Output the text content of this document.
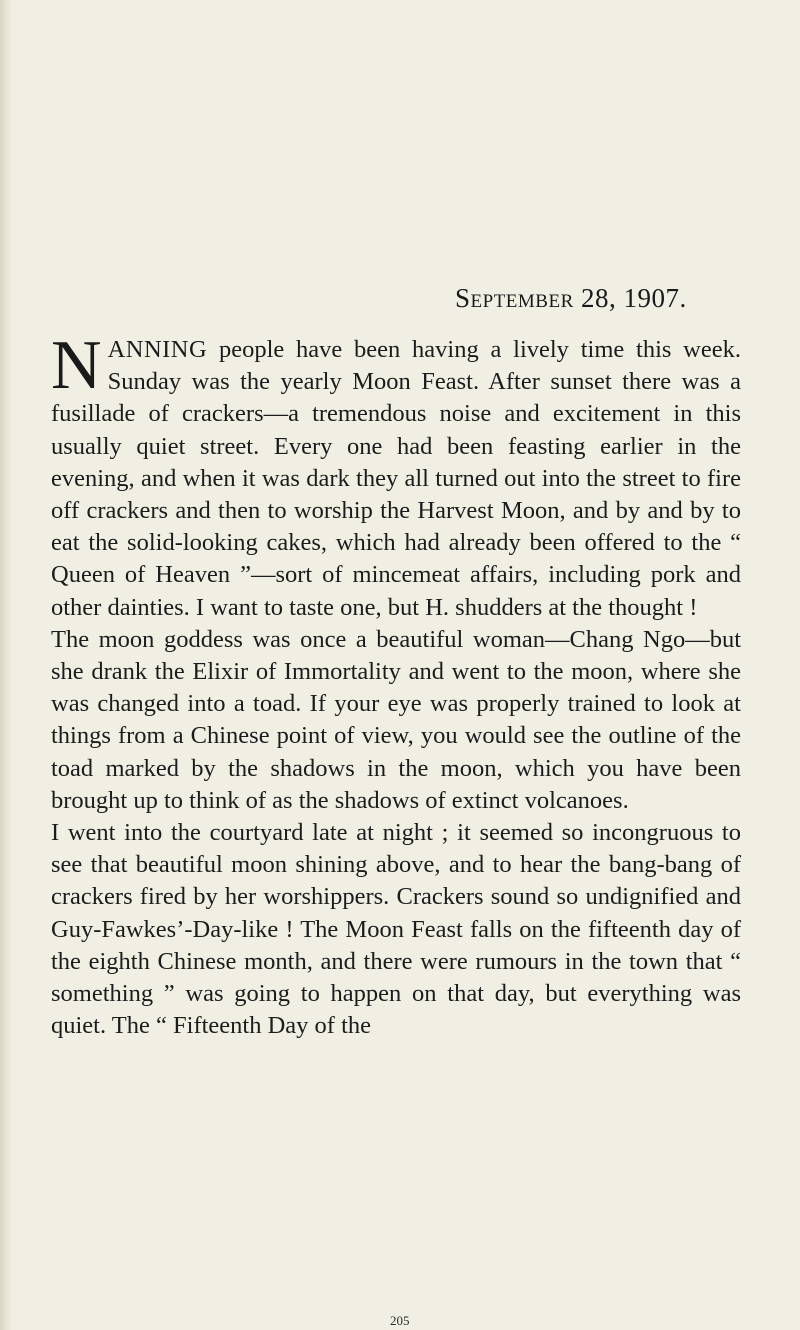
September 28, 1907.

NANNING people have been having a lively time this week. Sunday was the yearly Moon Feast. After sunset there was a fusillade of crackers—a tremendous noise and excitement in this usually quiet street. Every one had been feasting earlier in the evening, and when it was dark they all turned out into the street to fire off crackers and then to worship the Harvest Moon, and by and by to eat the solid-looking cakes, which had already been offered to the “ Queen of Heaven ”—sort of mincemeat affairs, including pork and other dainties. I want to taste one, but H. shudders at the thought !

The moon goddess was once a beautiful woman—Chang Ngo—but she drank the Elixir of Immortality and went to the moon, where she was changed into a toad. If your eye was properly trained to look at things from a Chinese point of view, you would see the outline of the toad marked by the shadows in the moon, which you have been brought up to think of as the shadows of extinct volcanoes.

I went into the courtyard late at night ; it seemed so incongruous to see that beautiful moon shining above, and to hear the bang-bang of crackers fired by her worshippers. Crackers sound so undignified and Guy-Fawkes’-Day-like ! The Moon Feast falls on the fifteenth day of the eighth Chinese month, and there were rumours in the town that “ something ” was going to happen on that day, but everything was quiet. The “ Fifteenth Day of the

205
